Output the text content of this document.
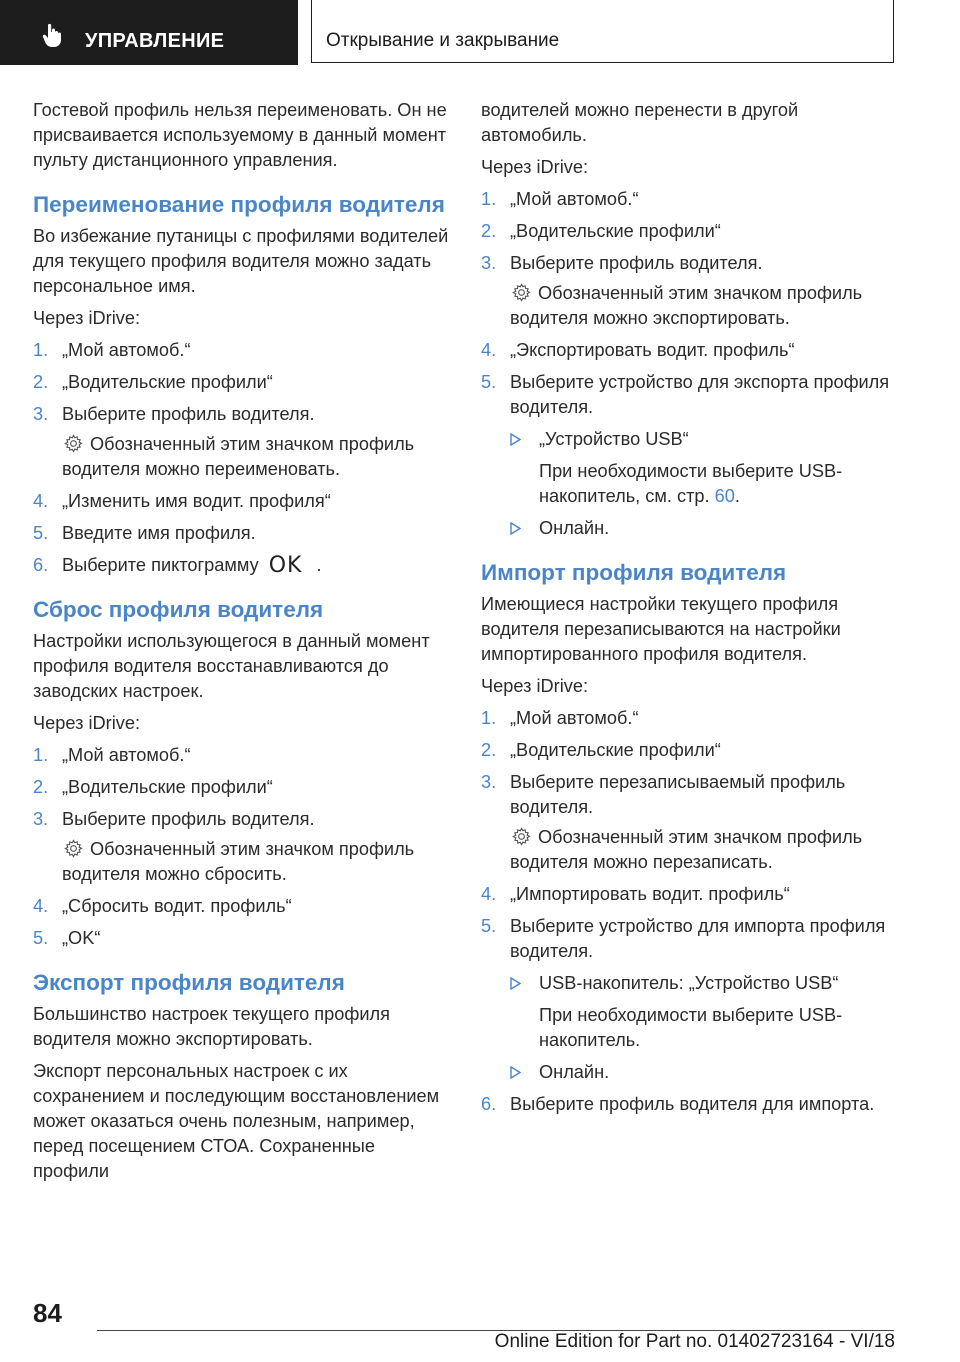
УПРАВЛЕНИЕ	Открывание и закрывание

Гостевой профиль нельзя переименовать. Он не присваивается используемому в данный момент пульту дистанционного управления.

Переименование профиля водителя

Во избежание путаницы с профилями водителей для текущего профиля водителя можно задать персональное имя.

Через iDrive:

1. „Мой автомоб.“
2. „Водительские профили“
3. Выберите профиль водителя.
Обозначенный этим значком профиль водителя можно переименовать.
4. „Изменить имя водит. профиля“
5. Введите имя профиля.
6. Выберите пиктограмму OK .
Сброс профиля водителя

Настройки использующегося в данный момент профиля водителя восстанавливаются до заводских настроек.

Через iDrive:

1. „Мой автомоб.“
2. „Водительские профили“
3. Выберите профиль водителя.
Обозначенный этим значком профиль водителя можно сбросить.
4. „Сбросить водит. профиль“
5. „OK“
Экспорт профиля водителя

Большинство настроек текущего профиля водителя можно экспортировать.

Экспорт персональных настроек с их сохранением и последующим восстановлением может оказаться очень полезным, например, перед посещением СТОА. Сохраненные профили

водителей можно перенести в другой автомобиль.

Через iDrive:

1. „Мой автомоб.“
2. „Водительские профили“
3. Выберите профиль водителя.
Обозначенный этим значком профиль водителя можно экспортировать.
4. „Экспортировать водит. профиль“
5. Выберите устройство для экспорта профиля водителя.
„Устройство USB“
При необходимости выберите USB-накопитель, см. стр. 60.
Онлайн.
Импорт профиля водителя

Имеющиеся настройки текущего профиля водителя перезаписываются на настройки импортированного профиля водителя.

Через iDrive:

1. „Мой автомоб.“
2. „Водительские профили“
3. Выберите перезаписываемый профиль водителя.
Обозначенный этим значком профиль водителя можно перезаписать.
4. „Импортировать водит. профиль“
5. Выберите устройство для импорта профиля водителя.
USB-накопитель: „Устройство USB“
При необходимости выберите USB-накопитель.
Онлайн.
6. Выберите профиль водителя для импорта.
84
Online Edition for Part no. 01402723164 - VI/18
